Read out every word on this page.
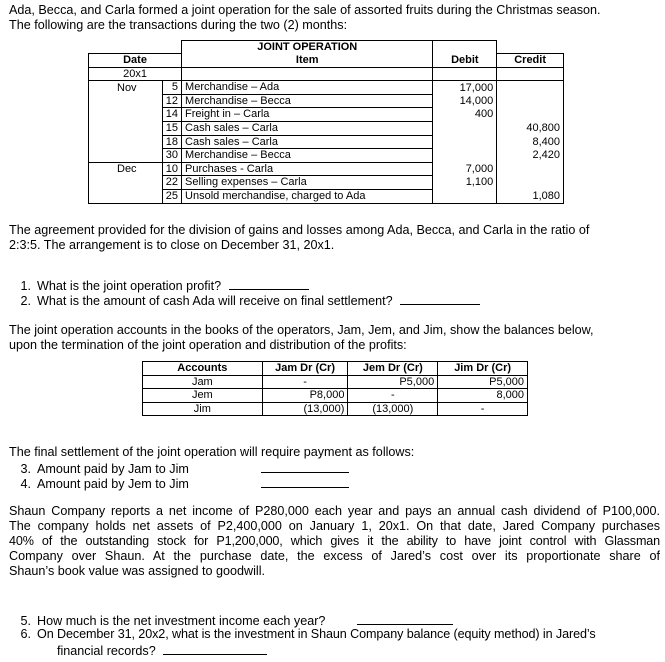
Ada, Becca, and Carla formed a joint operation for the sale of assorted fruits during the Christmas season.

The following are the transactions during the two (2) months:

		JOINT OPERATION		
Date		Item	Debit	Credit
20x1				
Nov	5	Merchandise – Ada	17,000	
	12	Merchandise – Becca	14,000	
	14	Freight in – Carla	400	
	15	Cash sales – Carla		40,800
	18	Cash sales – Carla		8,400
	30	Merchandise – Becca		2,420
Dec	10	Purchases - Carla	7,000	
	22	Selling expenses – Carla	1,100	
	25	Unsold merchandise, charged to Ada		1,080

The agreement provided for the division of gains and losses among Ada, Becca, and Carla in the ratio of

2:3:5. The arrangement is to close on December 31, 20x1.

1. What is the joint operation profit?
2. What is the amount of cash Ada will receive on final settlement?

The joint operation accounts in the books of the operators, Jam, Jem, and Jim, show the balances below,

upon the termination of the joint operation and distribution of the profits:

Accounts	Jam Dr (Cr)	Jem Dr (Cr)	Jim Dr (Cr)
Jam	-	P5,000	P5,000
Jem	P8,000	-	8,000
Jim	(13,000)	(13,000)	-

The final settlement of the joint operation will require payment as follows:

3. Amount paid by Jam to Jim
4. Amount paid by Jem to Jim
Shaun Company reports a net income of P280,000 each year and pays an annual cash dividend of P100,000.
The company holds net assets of P2,400,000 on January 1, 20x1. On that date, Jared Company purchases
40% of the outstanding stock for P1,200,000, which gives it the ability to have joint control with Glassman
Company over Shaun. At the purchase date, the excess of Jared’s cost over its proportionate share of
Shaun’s book value was assigned to goodwill.
5. How much is the net investment income each year?
6. On December 31, 20x2, what is the investment in Shaun Company balance (equity method) in Jared’s
financial records?
